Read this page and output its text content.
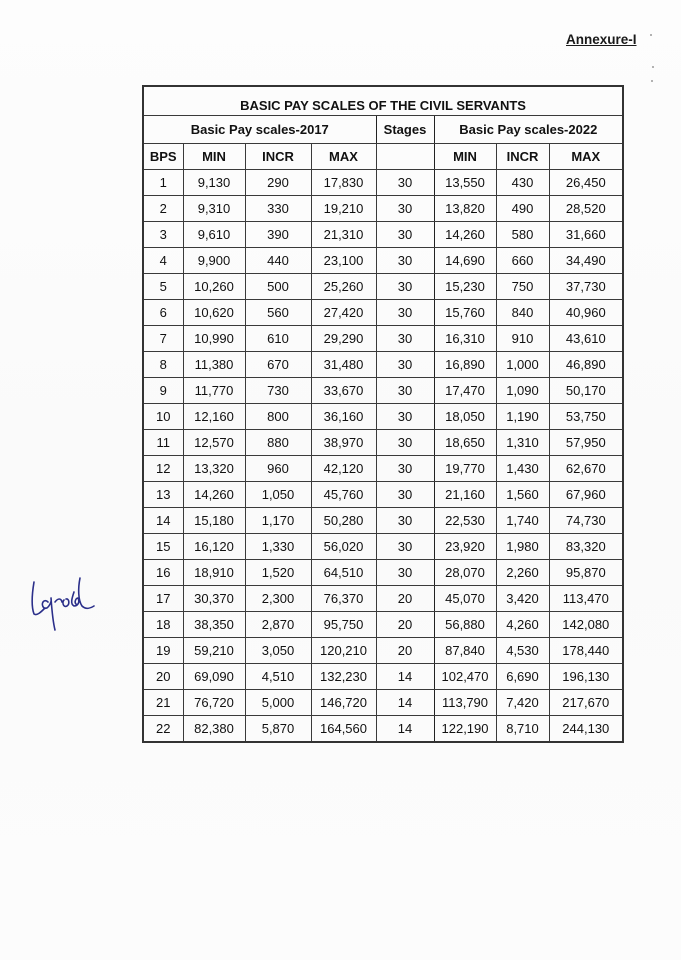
Annexure-I
BASIC PAY SCALES OF THE CIVIL SERVANTS							
Basic Pay scales-2017				Stages	Basic Pay scales-2022		
BPS	MIN	INCR	MAX		MIN	INCR	MAX
1	9,130	290	17,830	30	13,550	430	26,450
2	9,310	330	19,210	30	13,820	490	28,520
3	9,610	390	21,310	30	14,260	580	31,660
4	9,900	440	23,100	30	14,690	660	34,490
5	10,260	500	25,260	30	15,230	750	37,730
6	10,620	560	27,420	30	15,760	840	40,960
7	10,990	610	29,290	30	16,310	910	43,610
8	11,380	670	31,480	30	16,890	1,000	46,890
9	11,770	730	33,670	30	17,470	1,090	50,170
10	12,160	800	36,160	30	18,050	1,190	53,750
11	12,570	880	38,970	30	18,650	1,310	57,950
12	13,320	960	42,120	30	19,770	1,430	62,670
13	14,260	1,050	45,760	30	21,160	1,560	67,960
14	15,180	1,170	50,280	30	22,530	1,740	74,730
15	16,120	1,330	56,020	30	23,920	1,980	83,320
16	18,910	1,520	64,510	30	28,070	2,260	95,870
17	30,370	2,300	76,370	20	45,070	3,420	113,470
18	38,350	2,870	95,750	20	56,880	4,260	142,080
19	59,210	3,050	120,210	20	87,840	4,530	178,440
20	69,090	4,510	132,230	14	102,470	6,690	196,130
21	76,720	5,000	146,720	14	113,790	7,420	217,670
22	82,380	5,870	164,560	14	122,190	8,710	244,130
